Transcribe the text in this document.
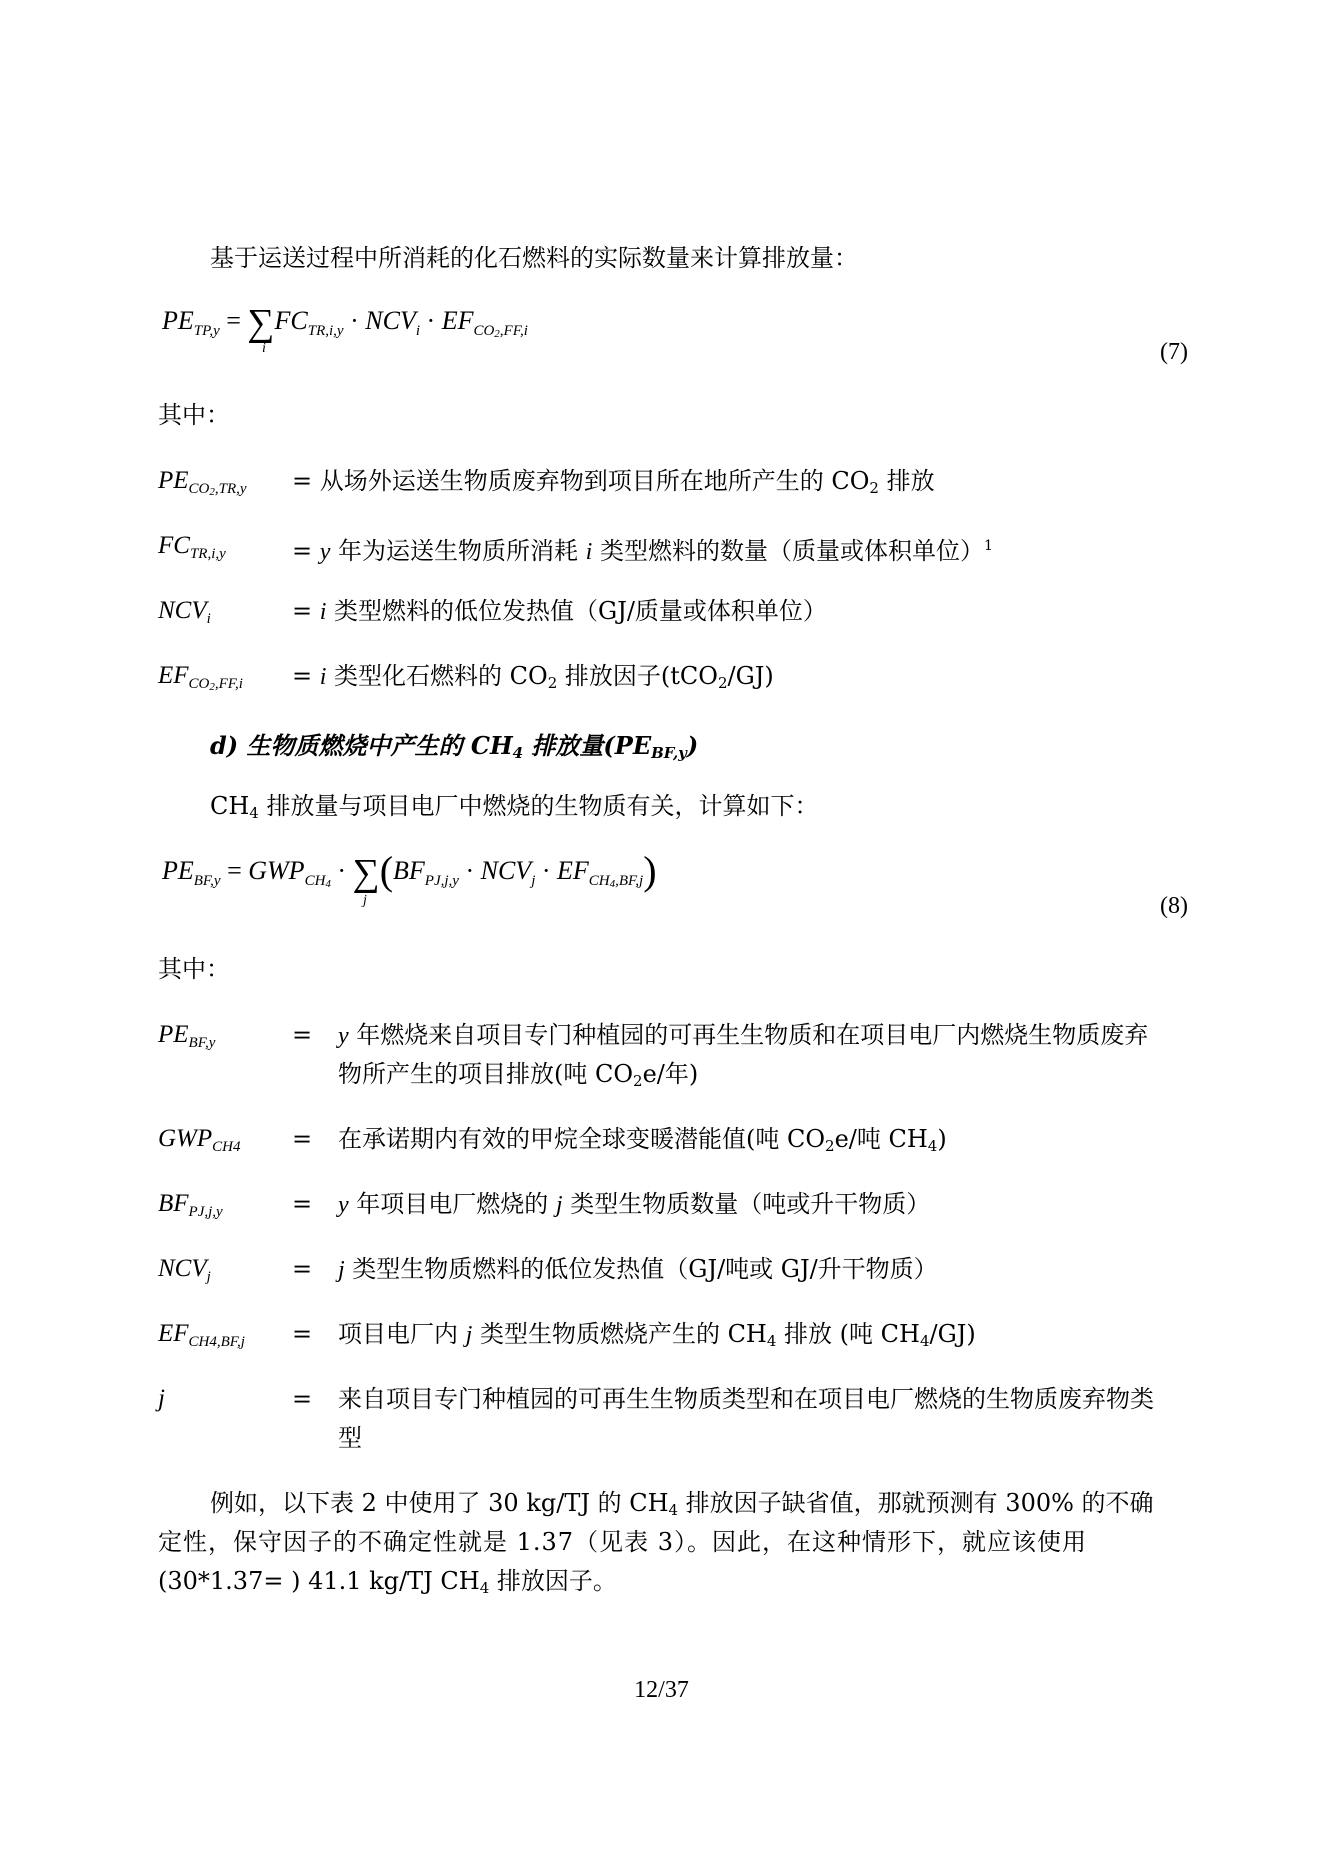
基于运送过程中所消耗的化石燃料的实际数量来计算排放量：
$PE_{TP,y} = \sum FC_{TR,i,y} \cdot NCV_i \cdot EF_{CO_2,FF,i}$
i	(7)
其中：
$PE_{CO_2,TR,y}$ = 从场外运送生物质废弃物到项目所在地所产生的 $CO_2$ 排放
$FC_{TR,i,y}$	= y 年为运送生物质所消耗 i 类型燃料的数量（质量或体积单位）$^1$
$NCV_i$	= i 类型燃料的低位发热值（GJ/质量或体积单位）
$EF_{CO_2,FF,i} = i$ 类型化石燃料的 $CO_2$ 排放因子(tCO$_2$/GJ)
d) 生物质燃烧中产生的 $CH_4$ 排放量$(PE_{BF,y})$
$CH_4$ 排放量与项目电厂中燃烧的生物质有关，计算如下：
$PE_{BF,y} = GWP_{CH_4} \cdot \sum(BF_{PJ,j,y} \cdot NCV_j \cdot EF_{CH_4,BF,j})$
j	(8)
其中：
$PE_{BF,y}$	= y 年燃烧来自项目专门种植园的可再生生物质和在项目电厂内燃烧生物质废弃
物所产生的项目排放(吨 $CO_2e/$年)
$GWP_{CH4}$ = 在承诺期内有效的甲烷全球变暖潜能值(吨 $CO_2e/$吨 $CH_4$)
$BF_{PJ,j,y}$	= y 年项目电厂燃烧的 j 类型生物质数量（吨或升干物质）
$NCV_j$	= j 类型生物质燃料的低位发热值（GJ/吨或 GJ/升干物质）
$EF_{CH4,BF,j}$ = 项目电厂内 j 类型生物质燃烧产生的 $CH_4$ 排放 (吨 $CH_4/GJ$)
j	= 来自项目专门种植园的可再生生物质类型和在项目电厂燃烧的生物质废弃物类
型
例如，以下表 2 中使用了 30 kg/TJ 的 $CH_4$ 排放因子缺省值，那就预测有 300% 的不确
定性，保守因子的不确定性就是 1.37（见表 3）。因此，在这种情形下，就应该使用
(30*1.37= ) 41.1 kg/TJ $CH_4$ 排放因子。
12/37
